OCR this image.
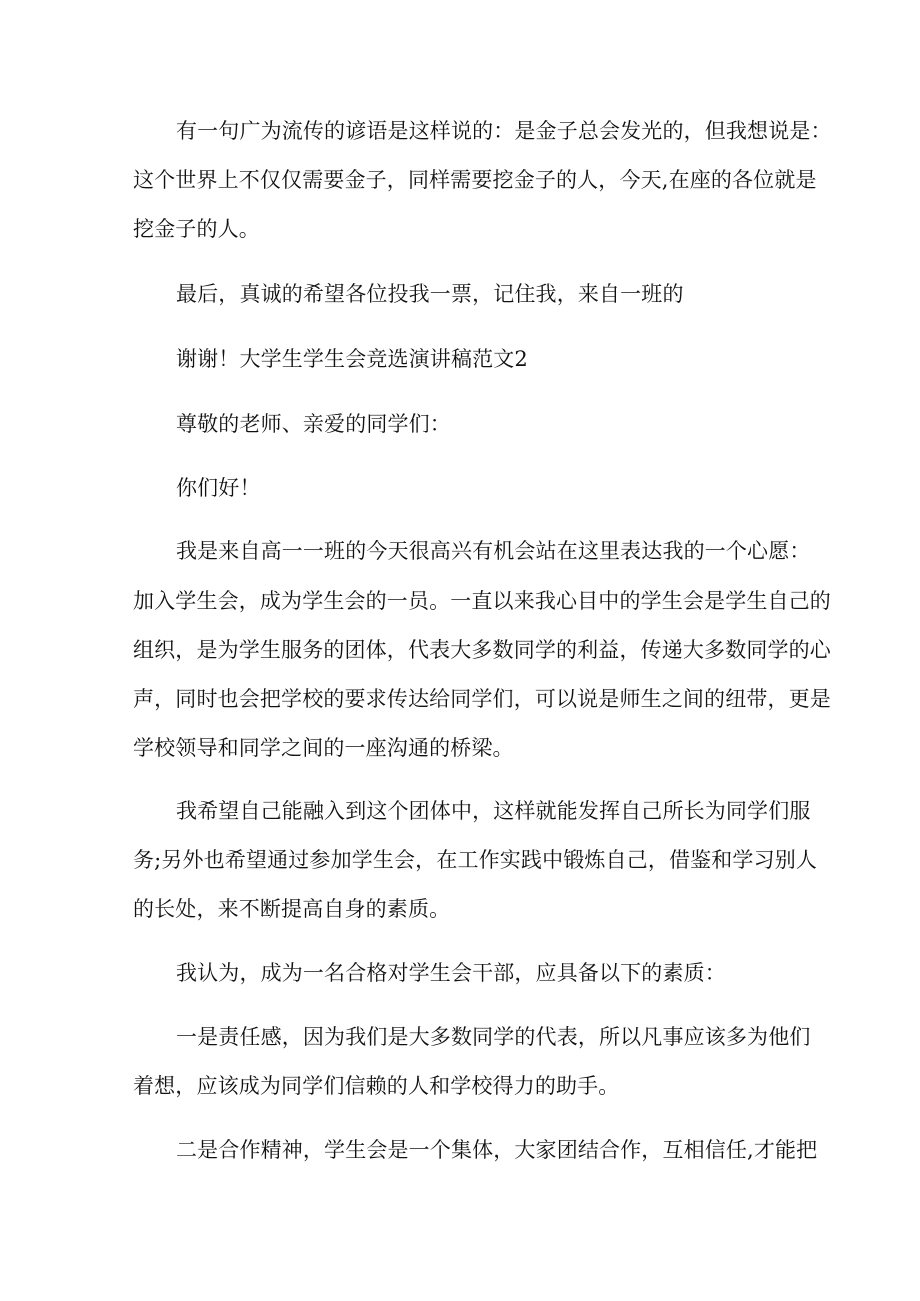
有一句广为流传的谚语是这样说的：是金子总会发光的，但我想说是：

这个世界上不仅仅需要金子，同样需要挖金子的人，今天,在座的各位就是

挖金子的人。

最后，真诚的希望各位投我一票，记住我，来自一班的

谢谢！大学生学生会竞选演讲稿范文2

尊敬的老师、亲爱的同学们：

你们好！

我是来自高一一班的今天很高兴有机会站在这里表达我的一个心愿：

加入学生会，成为学生会的一员。一直以来我心目中的学生会是学生自己的

组织，是为学生服务的团体，代表大多数同学的利益，传递大多数同学的心

声，同时也会把学校的要求传达给同学们，可以说是师生之间的纽带，更是

学校领导和同学之间的一座沟通的桥梁。

我希望自己能融入到这个团体中，这样就能发挥自己所长为同学们服

务;另外也希望通过参加学生会，在工作实践中锻炼自己，借鉴和学习别人

的长处，来不断提高自身的素质。

我认为，成为一名合格对学生会干部，应具备以下的素质：

一是责任感，因为我们是大多数同学的代表，所以凡事应该多为他们

着想，应该成为同学们信赖的人和学校得力的助手。

二是合作精神，学生会是一个集体，大家团结合作，互相信任,才能把
